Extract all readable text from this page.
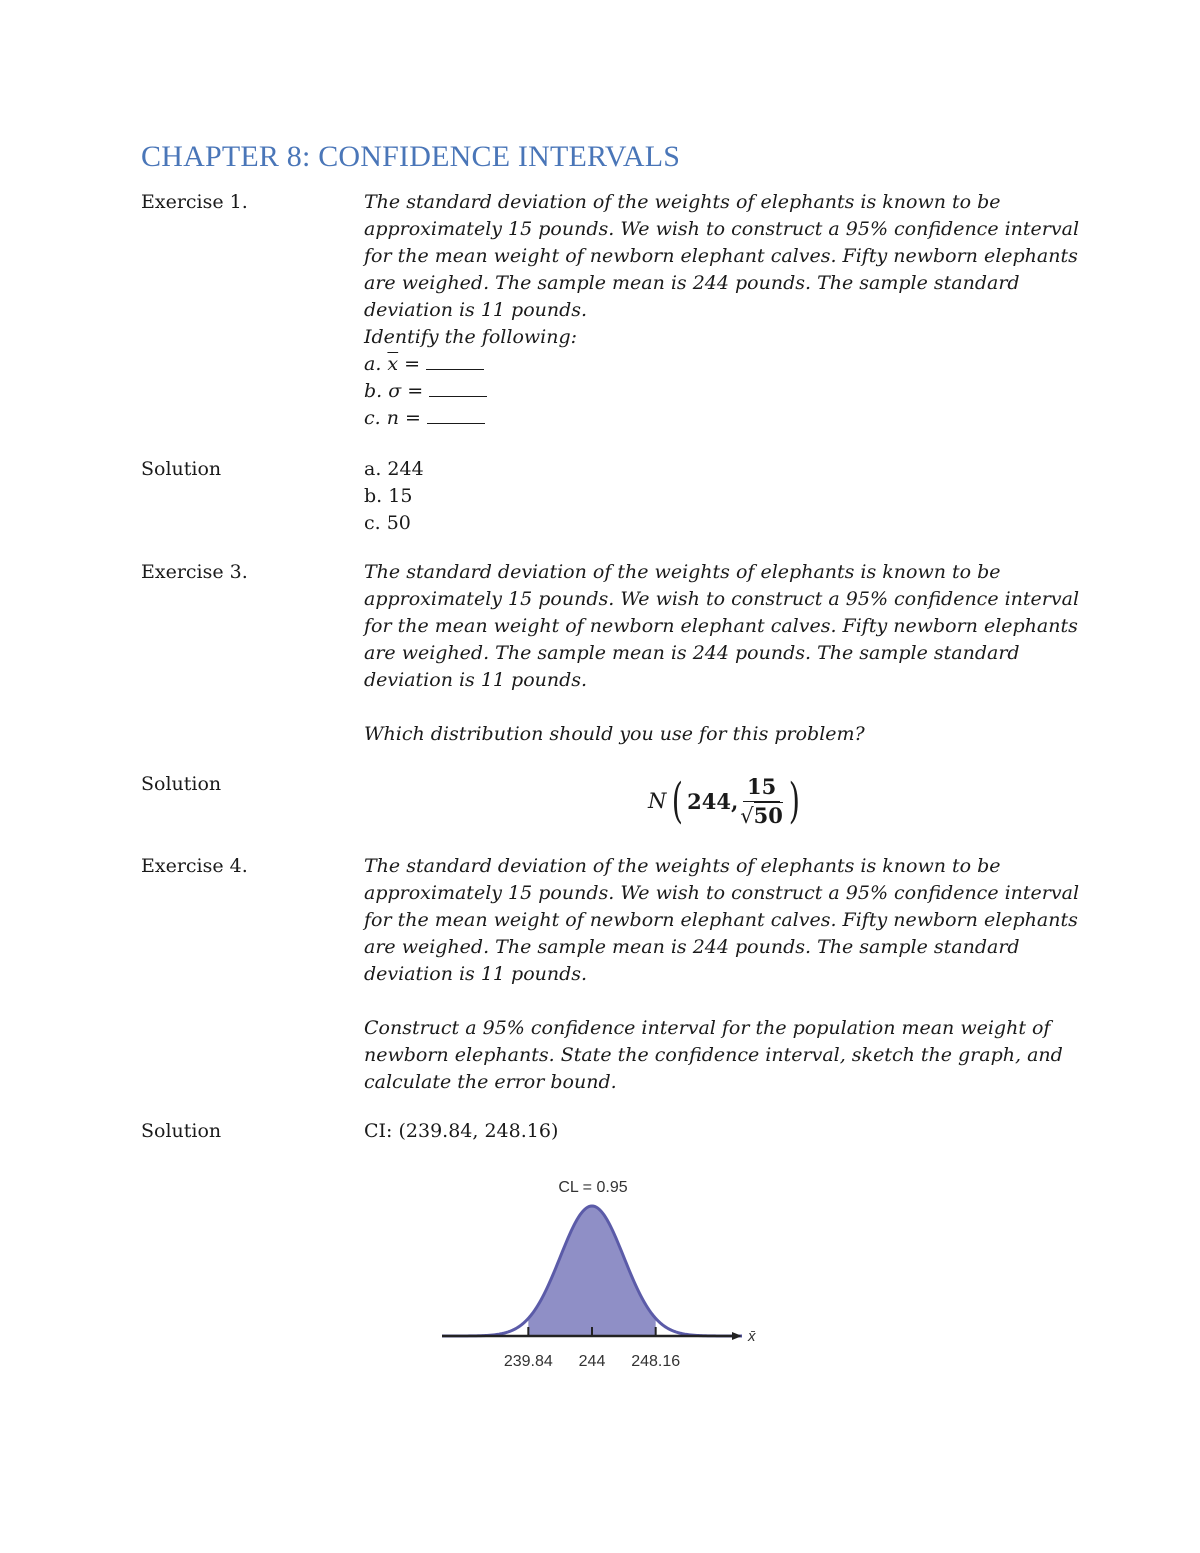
CHAPTER 8: CONFIDENCE INTERVALS
Exercise 1.	The standard deviation of the weights of elephants is known to be

approximately 15 pounds. We wish to construct a 95% confidence interval

for the mean weight of newborn elephant calves. Fifty newborn elephants

are weighed. The sample mean is 244 pounds. The sample standard

deviation is 11 pounds.

Identify the following:

a. $\overline{x}$ =

b. σ =

c. n =

Solution	a. 244

b. 15

c. 50

Exercise 3.	The standard deviation of the weights of elephants is known to be

approximately 15 pounds. We wish to construct a 95% confidence interval

for the mean weight of newborn elephant calves. Fifty newborn elephants

are weighed. The sample mean is 244 pounds. The sample standard

deviation is 11 pounds.

Which distribution should you use for this problem?

Solution
N ( 244, $\frac{15}{√50}$ )
Exercise 4.	The standard deviation of the weights of elephants is known to be

approximately 15 pounds. We wish to construct a 95% confidence interval

for the mean weight of newborn elephant calves. Fifty newborn elephants

are weighed. The sample mean is 244 pounds. The sample standard

deviation is 11 pounds.

Construct a 95% confidence interval for the population mean weight of

newborn elephants. State the confidence interval, sketch the graph, and

calculate the error bound.

Solution	CI: (239.84, 248.16)
CL = 0.95
x̄
239.84 244 248.16
